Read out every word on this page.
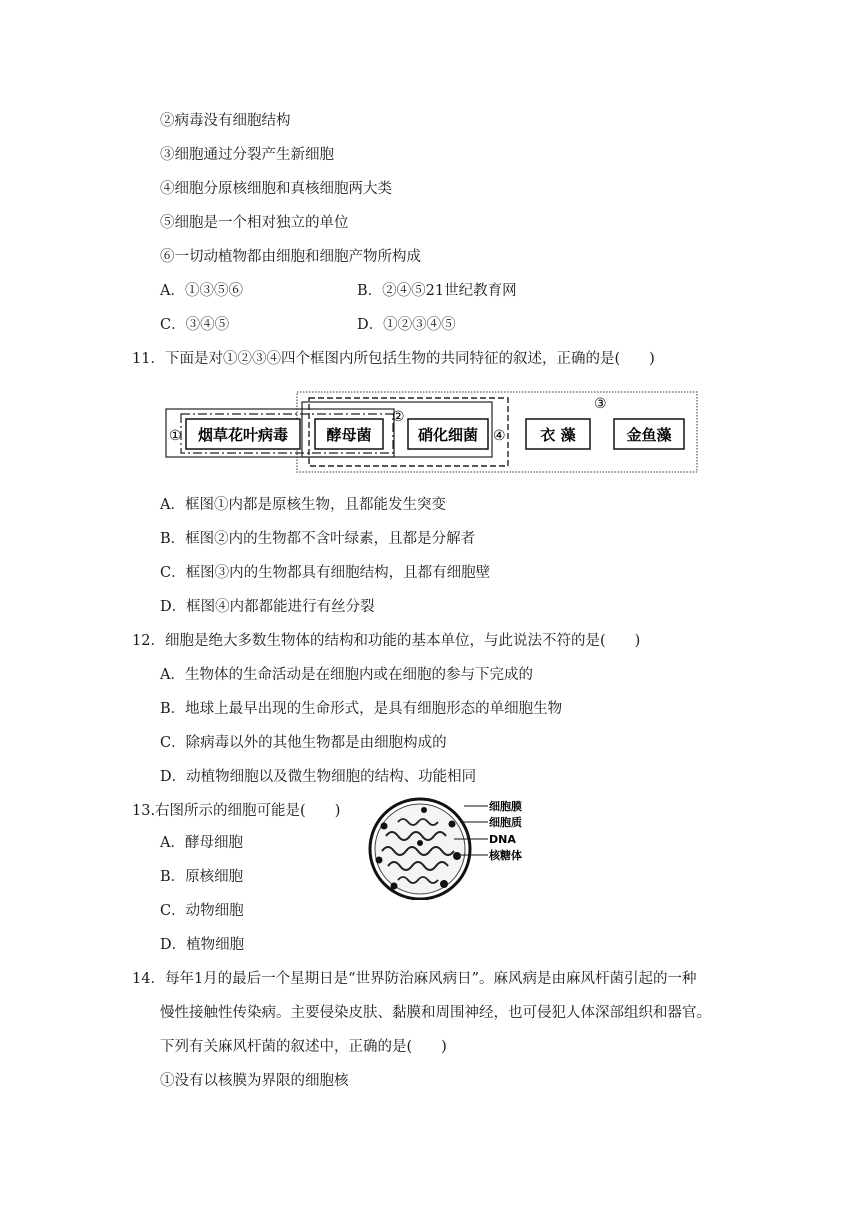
②病毒没有细胞结构
③细胞通过分裂产生新细胞
④细胞分原核细胞和真核细胞两大类
⑤细胞是一个相对独立的单位
⑥一切动植物都由细胞和细胞产物所构成
A．①③⑤⑥	B．②④⑤21世纪教育网
C．③④⑤	D．①②③④⑤
11．下面是对①②③④四个框图内所包括生物的共同特征的叙述，正确的是(　　)
烟草花叶病毒	酵母菌	硝化细菌	衣 藻	金鱼藻
①
②
③
④
A．框图①内都是原核生物，且都能发生突变
B．框图②内的生物都不含叶绿素，且都是分解者
C．框图③内的生物都具有细胞结构，且都有细胞壁
D．框图④内都都能进行有丝分裂
12．细胞是绝大多数生物体的结构和功能的基本单位，与此说法不符的是(　　)
A．生物体的生命活动是在细胞内或在细胞的参与下完成的
B．地球上最早出现的生命形式，是具有细胞形态的单细胞生物
C．除病毒以外的其他生物都是由细胞构成的
D．动植物细胞以及微生物细胞的结构、功能相同
13.右图所示的细胞可能是(　　)
A．酵母细胞
B．原核细胞
C．动物细胞
D．植物细胞
细胞膜
细胞质
DNA
核糖体
14．每年1月的最后一个星期日是“世界防治麻风病日”。麻风病是由麻风杆菌引起的一种
慢性接触性传染病。主要侵染皮肤、黏膜和周围神经，也可侵犯人体深部组织和器官。
下列有关麻风杆菌的叙述中，正确的是(　　)
①没有以核膜为界限的细胞核
